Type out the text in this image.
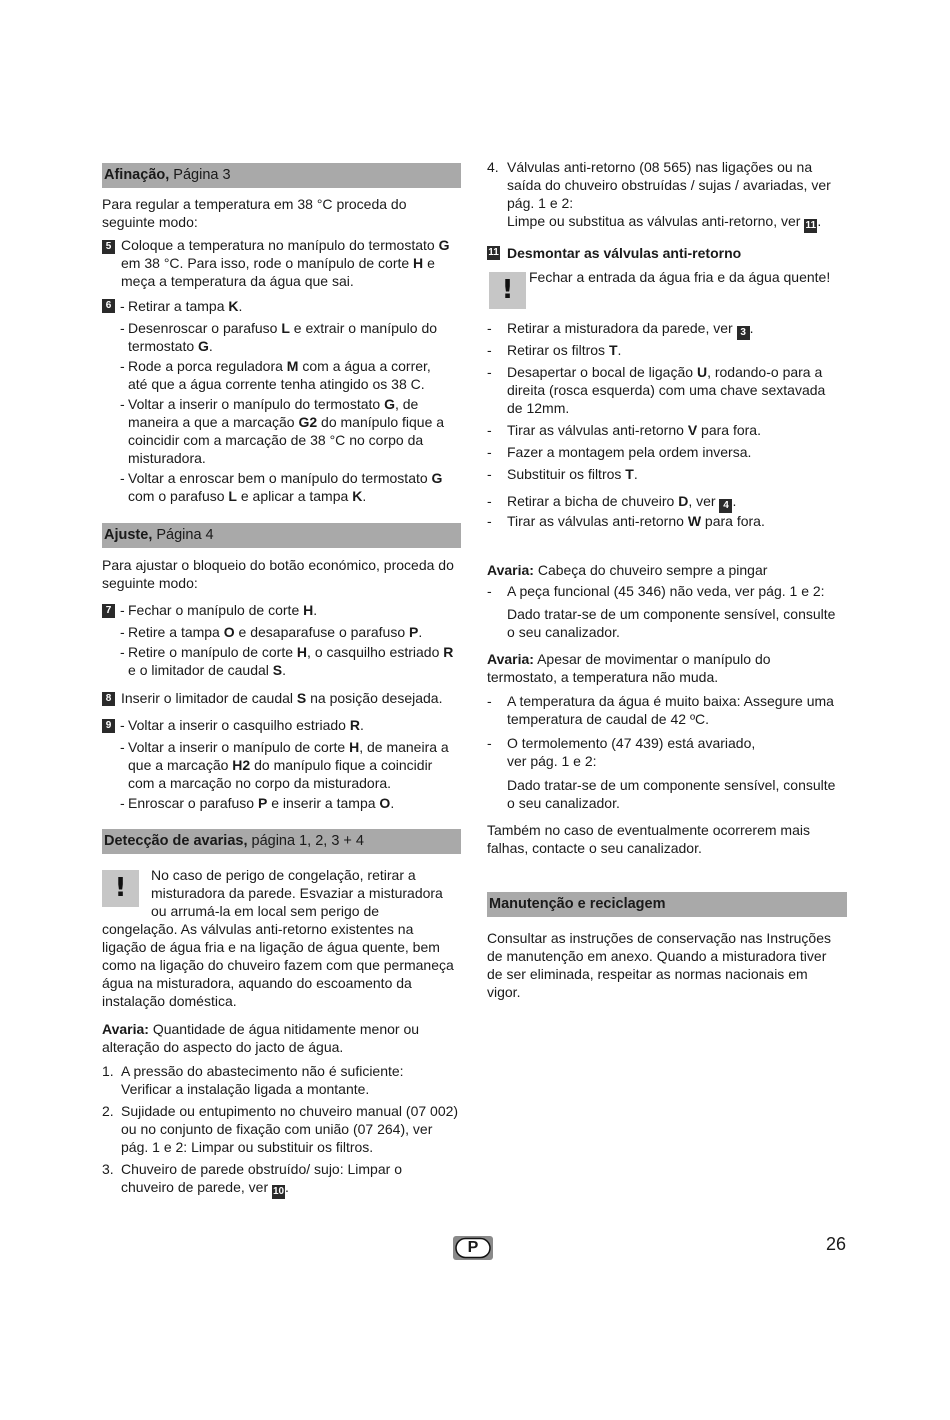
Afinação, Página 3
Para regular a temperatura em 38 °C proceda do
seguinte modo:
5 Coloque a temperatura no manípulo do termostato G
em 38 °C. Para isso, rode o manípulo de corte H e
meça a temperatura da água que sai.
6 - Retirar a tampa K.
- Desenroscar o parafuso L e extrair o manípulo do
termostato G.
- Rode a porca reguladora M com a água a correr,
até que a água corrente tenha atingido os 38 C.
- Voltar a inserir o manípulo do termostato G, de
maneira a que a marcação G2 do manípulo fique a
coincidir com a marcação de 38 °C no corpo da
misturadora.
- Voltar a enroscar bem o manípulo do termostato G
com o parafuso L e aplicar a tampa K.
Ajuste, Página 4
Para ajustar o bloqueio do botão económico, proceda do
seguinte modo:
7 - Fechar o manípulo de corte H.
- Retire a tampa O e desaparafuse o parafuso P.
- Retire o manípulo de corte H, o casquilho estriado R
e o limitador de caudal S.
8 Inserir o limitador de caudal S na posição desejada.
9 - Voltar a inserir o casquilho estriado R.
- Voltar a inserir o manípulo de corte H, de maneira a
que a marcação H2 do manípulo fique a coincidir
com a marcação no corpo da misturadora.
- Enroscar o parafuso P e inserir a tampa O.
Detecção de avarias, página 1, 2, 3 + 4
!	No caso de perigo de congelação, retirar a
misturadora da parede. Esvaziar a misturadora
ou arrumá-la em local sem perigo de
congelação. As válvulas anti-retorno existentes na
ligação de água fria e na ligação de água quente, bem
como na ligação do chuveiro fazem com que permaneça
água na misturadora, aquando do escoamento da
instalação doméstica.
Avaria: Quantidade de água nitidamente menor ou
alteração do aspecto do jacto de água.
1. A pressão do abastecimento não é suficiente:
Verificar a instalação ligada a montante.
2. Sujidade ou entupimento no chuveiro manual (07 002)
ou no conjunto de fixação com união (07 264), ver
pág. 1 e 2: Limpar ou substituir os filtros.
3. Chuveiro de parede obstruído/ sujo: Limpar o
chuveiro de parede, ver 10.
4. Válvulas anti-retorno (08 565) nas ligações ou na
saída do chuveiro obstruídas / sujas / avariadas, ver
pág. 1 e 2:
Limpe ou substitua as válvulas anti-retorno, ver 11.
11 Desmontar as válvulas anti-retorno
!	Fechar a entrada da água fria e da água quente!
- Retirar a misturadora da parede, ver 3 .
- Retirar os filtros T.
- Desapertar o bocal de ligação U, rodando-o para a
direita (rosca esquerda) com uma chave sextavada
de 12mm.
- Tirar as válvulas anti-retorno V para fora.
- Fazer a montagem pela ordem inversa.
- Substituir os filtros T.
- Retirar a bicha de chuveiro D, ver 4 .
- Tirar as válvulas anti-retorno W para fora.
Avaria: Cabeça do chuveiro sempre a pingar
- A peça funcional (45 346) não veda, ver pág. 1 e 2:
Dado tratar-se de um componente sensível, consulte
o seu canalizador.
Avaria: Apesar de movimentar o manípulo do
termostato, a temperatura não muda.
- A temperatura da água é muito baixa: Assegure uma
temperatura de caudal de 42 ºC.
- O termolemento (47 439) está avariado,
ver pág. 1 e 2:
Dado tratar-se de um componente sensível, consulte
o seu canalizador.
Também no caso de eventualmente ocorrerem mais
falhas, contacte o seu canalizador.
Manutenção e reciclagem
Consultar as instruções de conservação nas Instruções
de manutenção em anexo. Quando a misturadora tiver
de ser eliminada, respeitar as normas nacionais em
vigor.
P	26
